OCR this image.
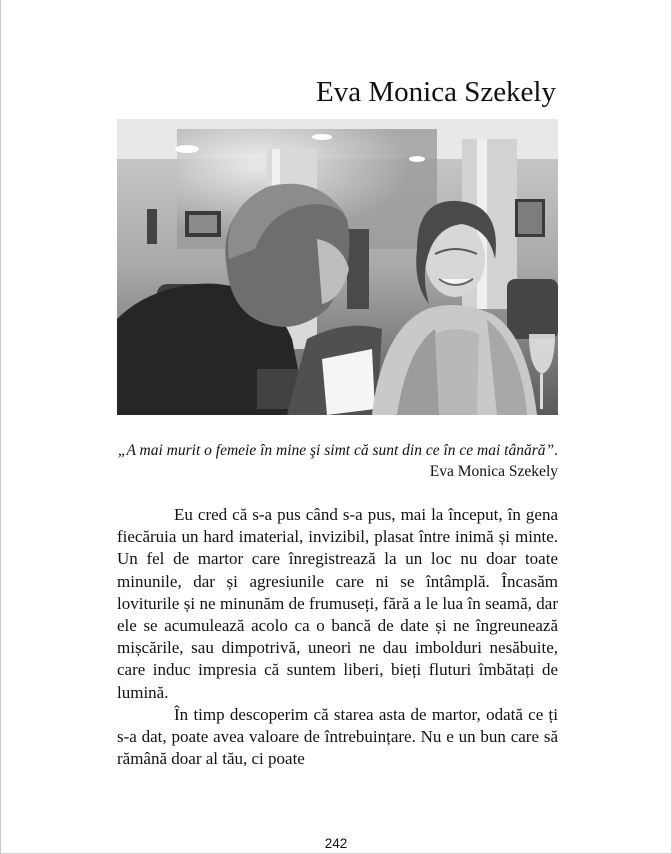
Eva Monica Szekely
„A mai murit o femeie în mine şi simt că sunt din ce în ce mai tânără”. Eva Monica Szekely

Eu cred că s-a pus când s-a pus, mai la început, în gena fiecăruia un hard imaterial, invizibil, plasat între inimă și minte. Un fel de martor care înregistrează la un loc nu doar toate minunile, dar și agresiunile care ni se întâmplă. Încasăm loviturile și ne minunăm de frumuseți, fără a le lua în seamă, dar ele se acumulează acolo ca o bancă de date și ne îngreunează mișcările, sau dimpotrivă, uneori ne dau imbolduri nesăbuite, care induc impresia că suntem liberi, bieți fluturi îmbătați de lumină.

În timp descoperim că starea asta de martor, odată ce ți s-a dat, poate avea valoare de întrebuințare. Nu e un bun care să rămână doar al tău, ci poate

242
